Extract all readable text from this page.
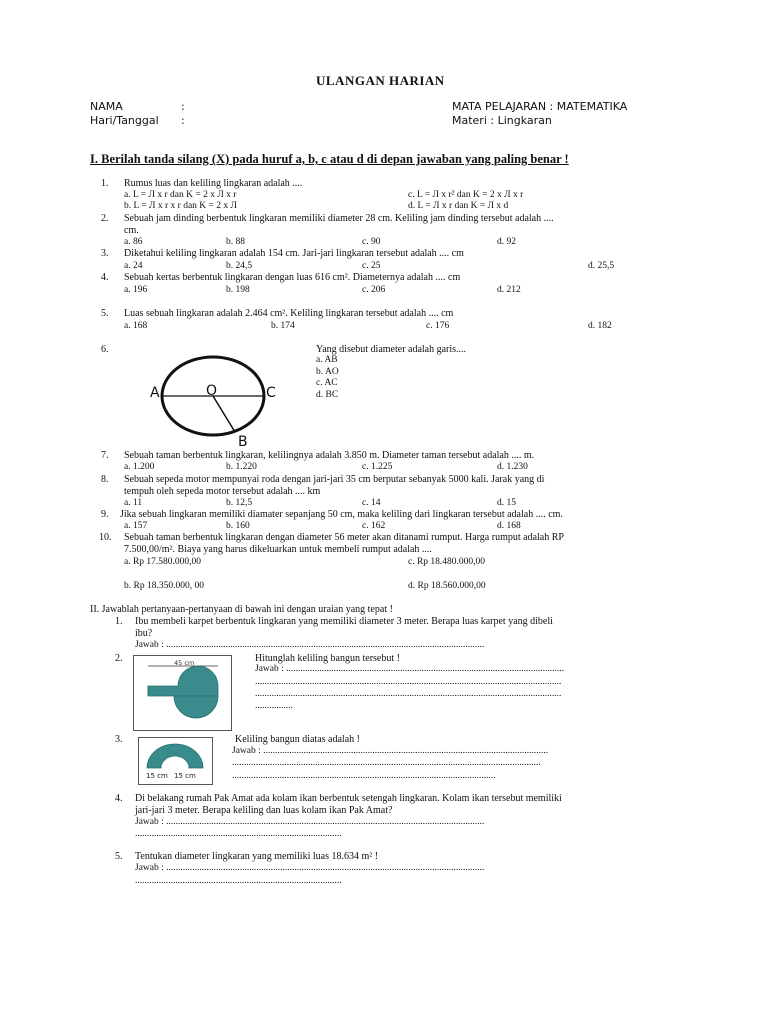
ULANGAN HARIAN
NAMA	:
Hari/Tanggal :
MATA PELAJARAN : MATEMATIKA
Materi : Lingkaran
I. Berilah tanda silang (X) pada huruf a, b, c atau d di depan jawaban yang paling benar !
1. Rumus luas dan keliling lingkaran adalah ....
a. L = Л x r dan K = 2 x Л x r	c. L = Л x r² dan K = 2 x Л x r
b. L = Л x r x r dan K = 2 x Л	d. L = Л x r dan K = Л x d
2. Sebuah jam dinding berbentuk lingkaran memiliki diameter 28 cm. Keliling jam dinding tersebut adalah ....
cm.
a. 86	b. 88	c. 90	d. 92
3. Diketahui keliling lingkaran adalah 154 cm. Jari-jari lingkaran tersebut adalah .... cm
a. 24	b. 24,5	c. 25	d. 25,5
4. Sebuah kertas berbentuk lingkaran dengan luas 616 cm². Diameternya adalah .... cm
a. 196	b. 198	c. 206	d. 212
5. Luas sebuah lingkaran adalah 2.464 cm². Keliling lingkaran tersebut adalah .... cm
a. 168	b. 174	c. 176	d. 182
6.
A	O	C
B
Yang disebut diameter adalah garis....
a. AB
b. AO
c. AC
d. BC
7. Sebuah taman berbentuk lingkaran, kelilingnya adalah 3.850 m. Diameter taman tersebut adalah .... m.
a. 1.200	b. 1.220	c. 1.225	d. 1.230
8. Sebuah sepeda motor mempunyai roda dengan jari-jari 35 cm berputar sebanyak 5000 kali. Jarak yang di
tempuh oleh sepeda motor tersebut adalah .... km
a. 11	b. 12,5	c. 14	d. 15
9. Jika sebuah lingkaran memiliki diamater sepanjang 50 cm, maka keliling dari lingkaran tersebut adalah .... cm.
a. 157	b. 160	c. 162	d. 168
10. Sebuah taman berbentuk lingkaran dengan diameter 56 meter akan ditanami rumput. Harga rumput adalah RP
7.500,00/m². Biaya yang harus dikeluarkan untuk membeli rumput adalah ....
a. Rp 17.580.000,00	c. Rp 18.480.000,00
b. Rp 18.350.000, 00	d. Rp 18.560.000,00
II. Jawablah pertanyaan-pertanyaan di bawah ini dengan uraian yang tepat !
1. Ibu membeli karpet berbentuk lingkaran yang memiliki diameter 3 meter. Berapa luas karpet yang dibeli
ibu?
Jawab : ......................................................................................................................................
2.	45 cm	Hitunglah keliling bangun tersebut !
Jawab : .....................................................................................................................
.................................................................................................................................
.................................................................................................................................
................
3.
15 cm 15 cm
Keliling bangun diatas adalah !
Jawab : ........................................................................................................................
..................................................................................................................................
...............................................................................................................
4. Di belakang rumah Pak Amat ada kolam ikan berbentuk setengah lingkaran. Kolam ikan tersebut memiliki
jari-jari 3 meter. Berapa keliling dan luas kolam ikan Pak Amat?
Jawab : ......................................................................................................................................
.......................................................................................
5. Tentukan diameter lingkaran yang memiliki luas 18.634 m² !
Jawab : ......................................................................................................................................
.......................................................................................
